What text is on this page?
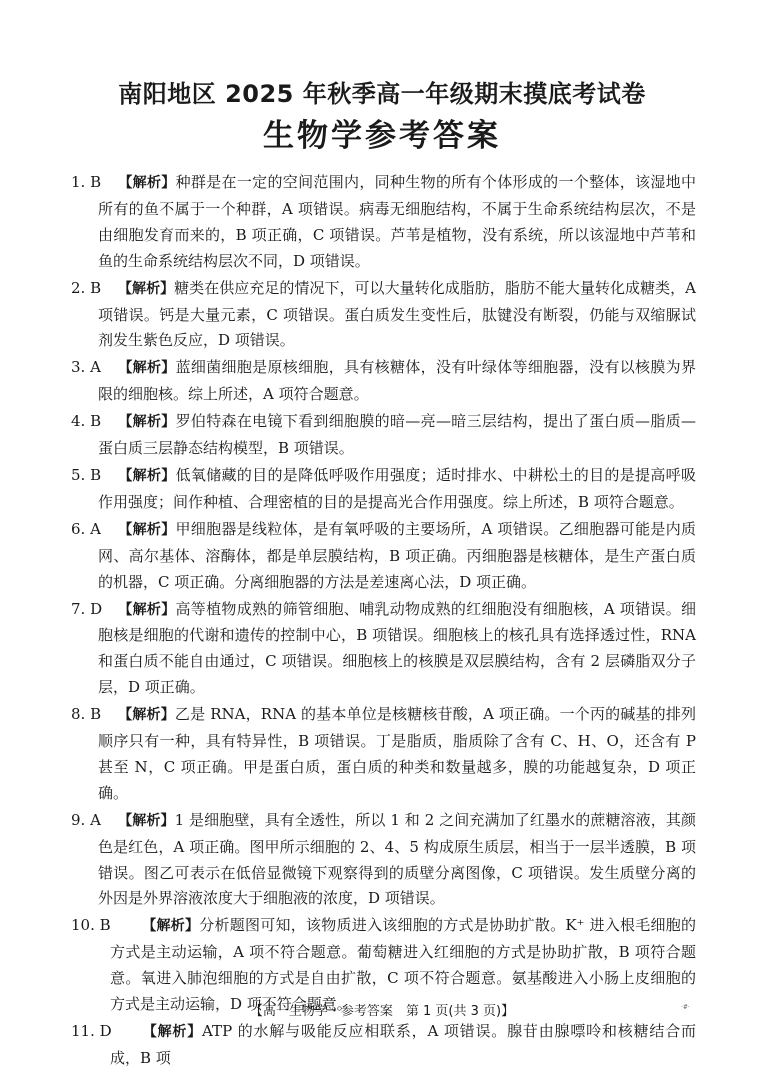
南阳地区 2025 年秋季高一年级期末摸底考试卷
生物学参考答案
1. B 【解析】种群是在一定的空间范围内，同种生物的所有个体形成的一个整体，该湿地中所有的鱼不属于一个种群，A 项错误。病毒无细胞结构，不属于生命系统结构层次，不是由细胞发育而来的，B 项正确，C 项错误。芦苇是植物，没有系统，所以该湿地中芦苇和鱼的生命系统结构层次不同，D 项错误。
2. B 【解析】糖类在供应充足的情况下，可以大量转化成脂肪，脂肪不能大量转化成糖类，A 项错误。钙是大量元素，C 项错误。蛋白质发生变性后，肽键没有断裂，仍能与双缩脲试剂发生紫色反应，D 项错误。
3. A 【解析】蓝细菌细胞是原核细胞，具有核糖体，没有叶绿体等细胞器，没有以核膜为界限的细胞核。综上所述，A 项符合题意。
4. B 【解析】罗伯特森在电镜下看到细胞膜的暗—亮—暗三层结构，提出了蛋白质—脂质—蛋白质三层静态结构模型，B 项错误。
5. B 【解析】低氧储藏的目的是降低呼吸作用强度；适时排水、中耕松土的目的是提高呼吸作用强度；间作种植、合理密植的目的是提高光合作用强度。综上所述，B 项符合题意。
6. A 【解析】甲细胞器是线粒体，是有氧呼吸的主要场所，A 项错误。乙细胞器可能是内质网、高尔基体、溶酶体，都是单层膜结构，B 项正确。丙细胞器是核糖体，是生产蛋白质的机器，C 项正确。分离细胞器的方法是差速离心法，D 项正确。
7. D 【解析】高等植物成熟的筛管细胞、哺乳动物成熟的红细胞没有细胞核，A 项错误。细胞核是细胞的代谢和遗传的控制中心，B 项错误。细胞核上的核孔具有选择透过性，RNA 和蛋白质不能自由通过，C 项错误。细胞核上的核膜是双层膜结构，含有 2 层磷脂双分子层，D 项正确。
8. B 【解析】乙是 RNA，RNA 的基本单位是核糖核苷酸，A 项正确。一个丙的碱基的排列顺序只有一种，具有特异性，B 项错误。丁是脂质，脂质除了含有 C、H、O，还含有 P 甚至 N，C 项正确。甲是蛋白质，蛋白质的种类和数量越多，膜的功能越复杂，D 项正确。
9. A 【解析】1 是细胞壁，具有全透性，所以 1 和 2 之间充满加了红墨水的蔗糖溶液，其颜色是红色，A 项正确。图甲所示细胞的 2、4、5 构成原生质层，相当于一层半透膜，B 项错误。图乙可表示在低倍显微镜下观察得到的质壁分离图像，C 项错误。发生质壁分离的外因是外界溶液浓度大于细胞液的浓度，D 项错误。
10. B 【解析】分析题图可知，该物质进入该细胞的方式是协助扩散。K⁺ 进入根毛细胞的方式是主动运输，A 项不符合题意。葡萄糖进入红细胞的方式是协助扩散，B 项符合题意。氧进入肺泡细胞的方式是自由扩散，C 项不符合题意。氨基酸进入小肠上皮细胞的方式是主动运输，D 项不符合题意。
11. D 【解析】ATP 的水解与吸能反应相联系，A 项错误。腺苷由腺嘌呤和核糖结合而成，B 项
【高一生物学・参考答案　第 1 页(共 3 页)】	·#·
